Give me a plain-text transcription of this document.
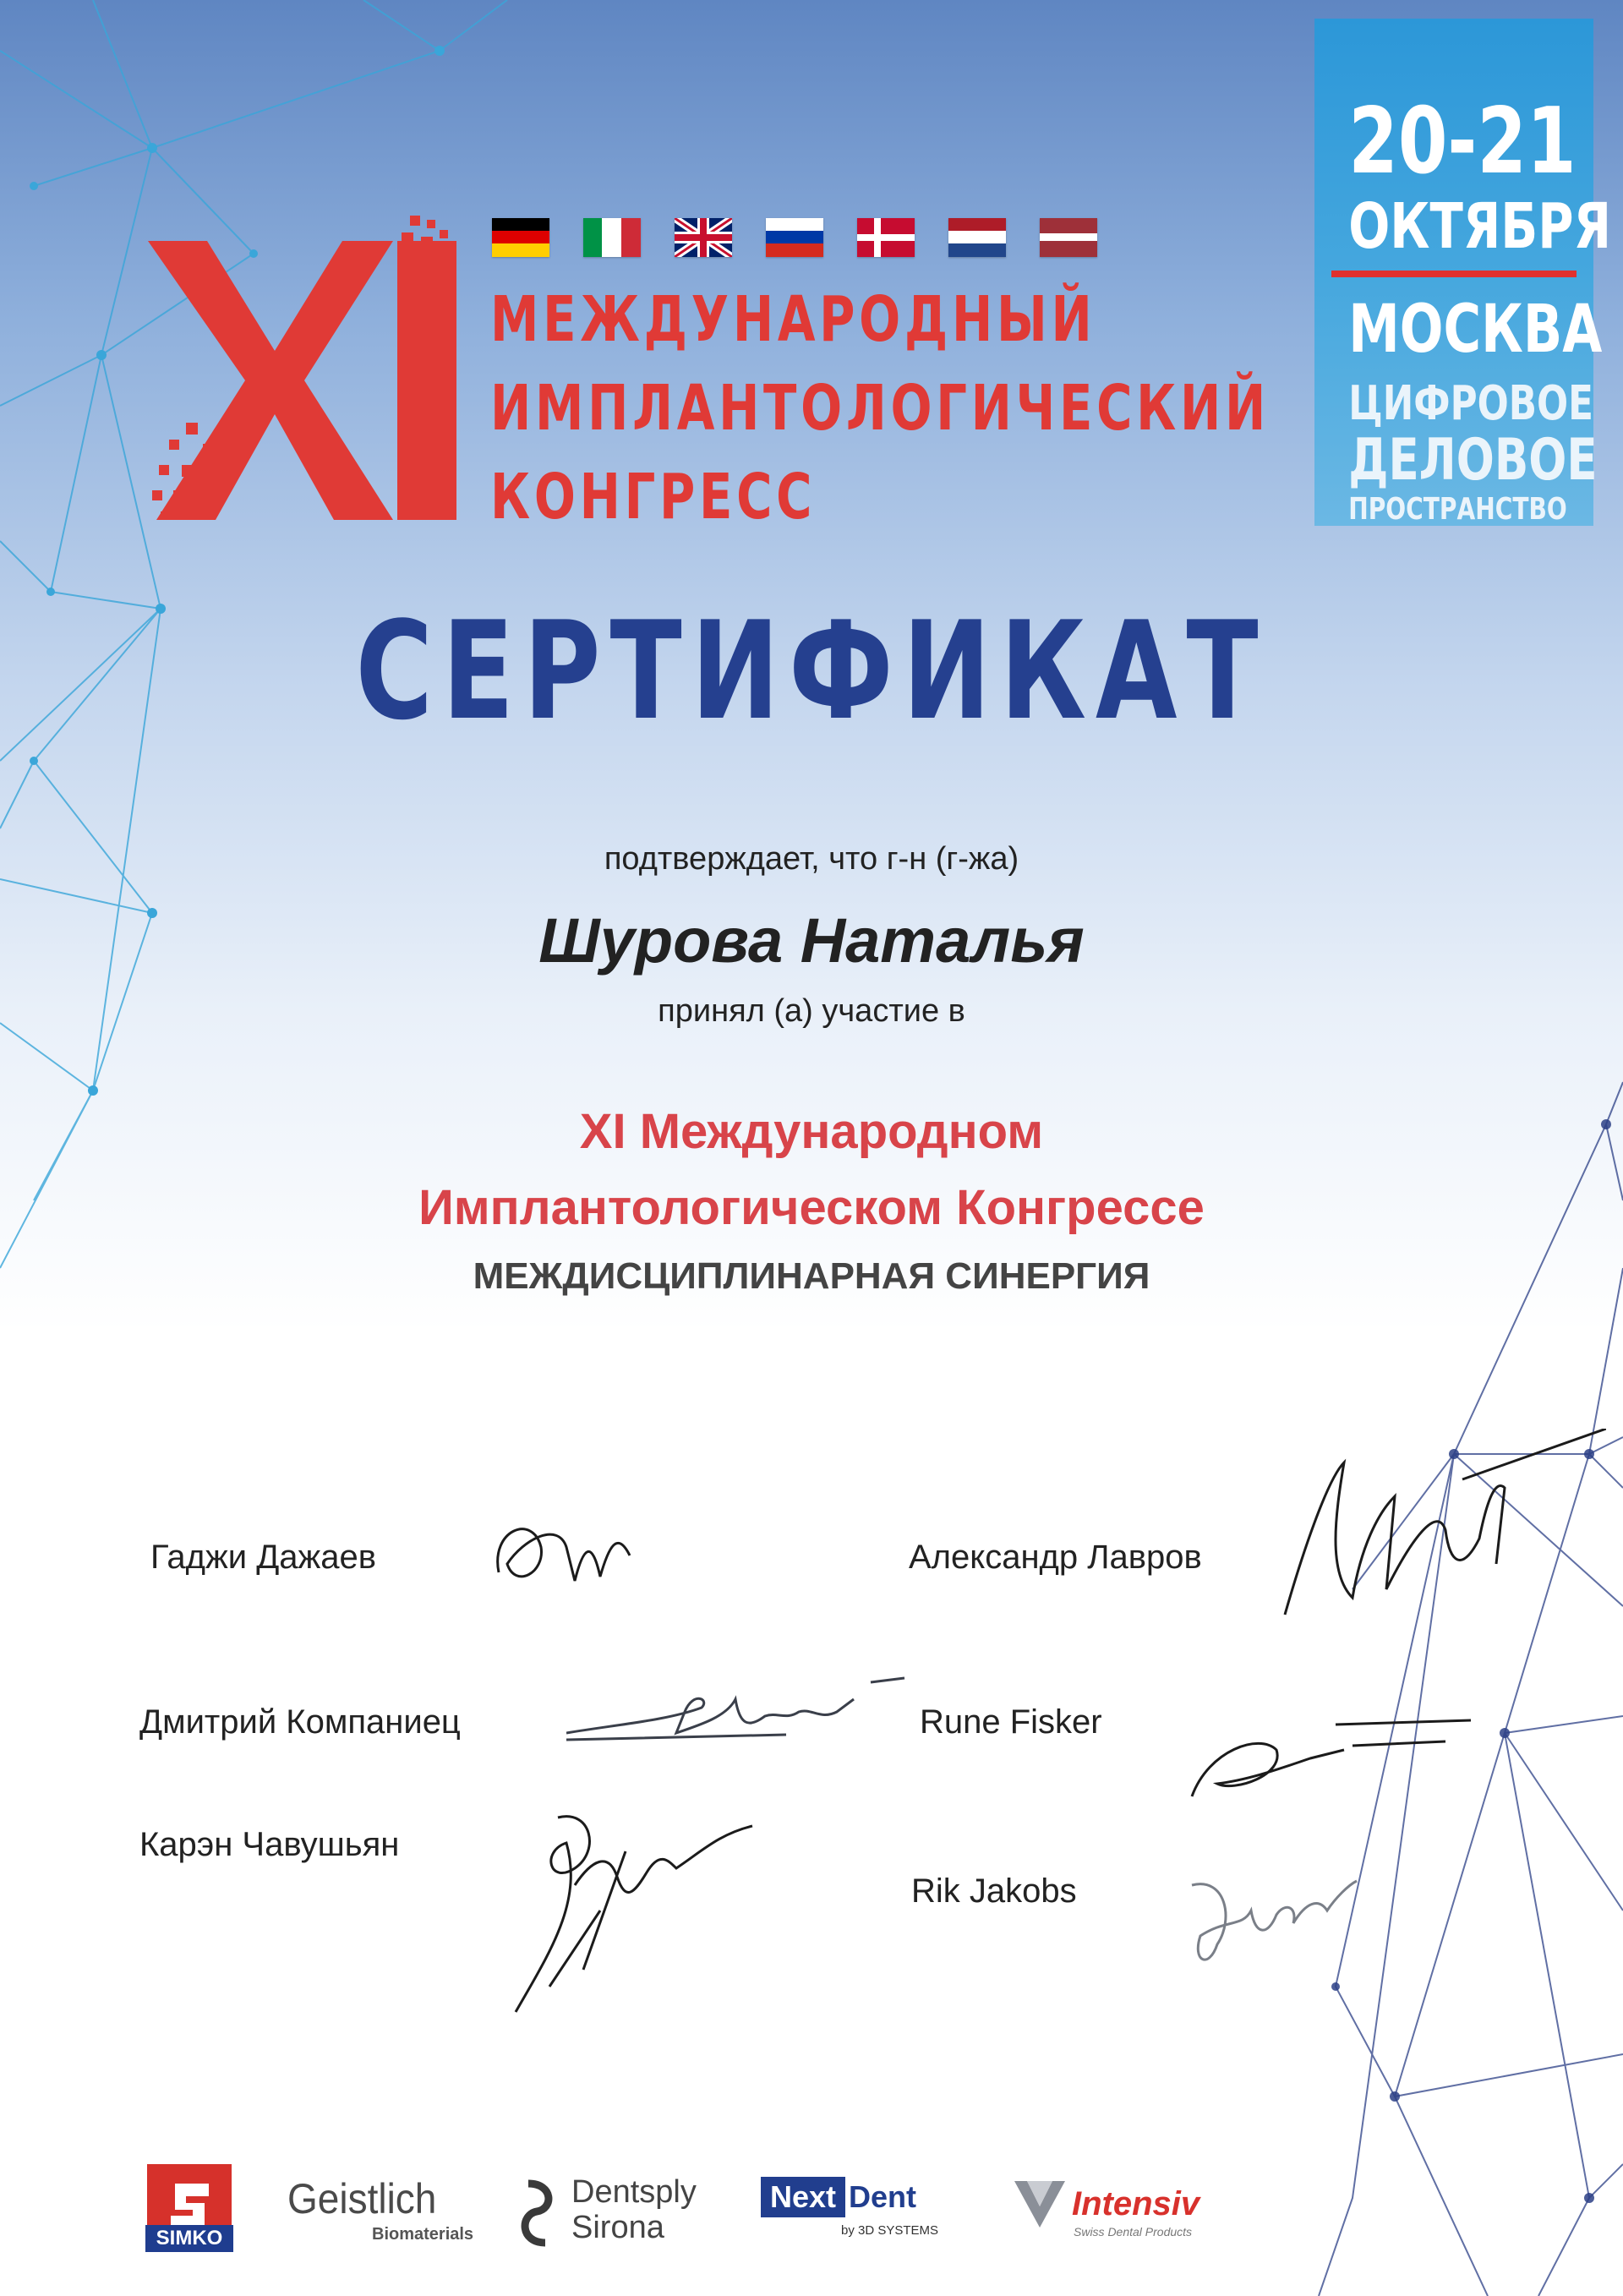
МЕЖДУНАРОДНЫЙ
ИМПЛАНТОЛОГИЧЕСКИЙ
КОНГРЕСС
20-21
ОКТЯБРЯ
МОСКВА
ЦИФРОВОЕ
ДЕЛОВОЕ
ПРОСТРАНСТВО
СЕРТИФИКАТ
подтверждает, что г-н (г-жа)
Шурова Наталья
принял (а) участие в
XI Международном
Имплантологическом Конгрессе
МЕЖДИСЦИПЛИНАРНАЯ СИНЕРГИЯ
Гаджи Дажаев	Александр Лавров
Дмитрий Компаниец	Rune Fisker
Карэн Чавушьян
Rik Jakobs
SIMKO
Geistlich
Biomaterials
Dentsply
Sirona
Next Dent
by 3D SYSTEMS
Intensiv
Swiss Dental Products
